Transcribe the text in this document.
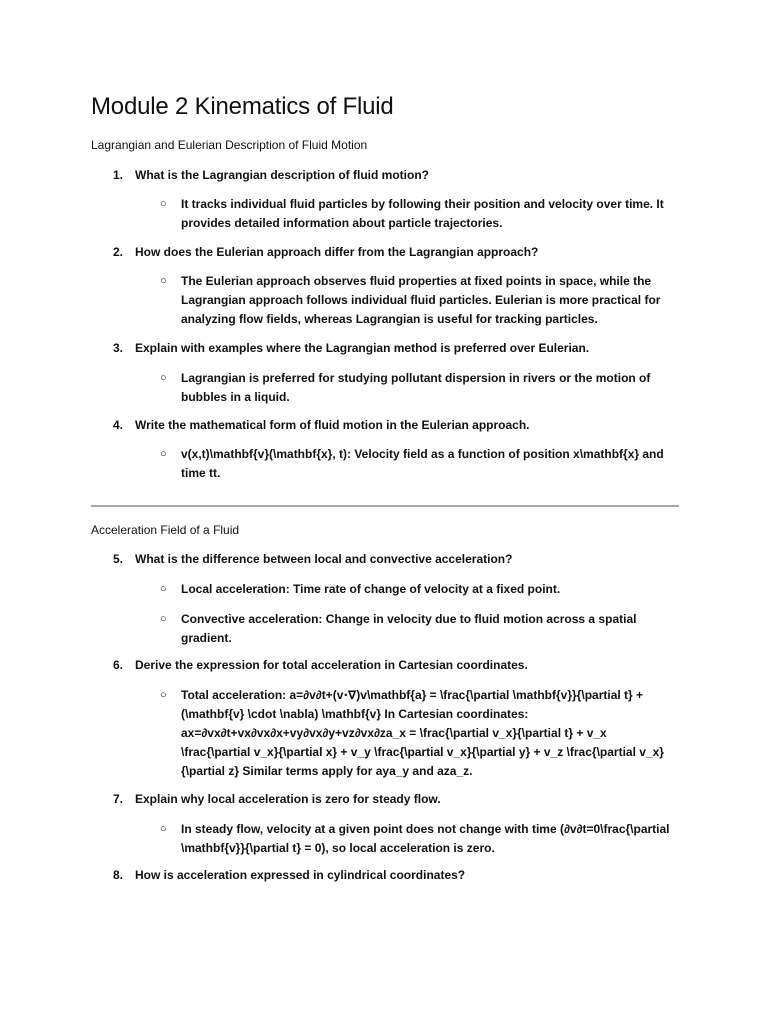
Module 2 Kinematics of Fluid

Lagrangian and Eulerian Description of Fluid Motion

1. What is the Lagrangian description of fluid motion?
○ It tracks individual fluid particles by following their position and velocity over time. It provides detailed information about particle trajectories.
2. How does the Eulerian approach differ from the Lagrangian approach?
○ The Eulerian approach observes fluid properties at fixed points in space, while the Lagrangian approach follows individual fluid particles. Eulerian is more practical for analyzing flow fields, whereas Lagrangian is useful for tracking particles.
3. Explain with examples where the Lagrangian method is preferred over Eulerian.
○ Lagrangian is preferred for studying pollutant dispersion in rivers or the motion of bubbles in a liquid.
4. Write the mathematical form of fluid motion in the Eulerian approach.
○ v(x,t)\mathbf{v}(\mathbf{x}, t): Velocity field as a function of position x\mathbf{x} and time tt.

Acceleration Field of a Fluid

5. What is the difference between local and convective acceleration?
○ Local acceleration: Time rate of change of velocity at a fixed point.
○ Convective acceleration: Change in velocity due to fluid motion across a spatial gradient.
6. Derive the expression for total acceleration in Cartesian coordinates.
○ Total acceleration: a=∂v∂t+(v⋅∇)v\mathbf{a} = \frac{\partial \mathbf{v}}{\partial t} + (\mathbf{v} \cdot \nabla) \mathbf{v} In Cartesian coordinates: ax=∂vx∂t+vx∂vx∂x+vy∂vx∂y+vz∂vx∂za_x = \frac{\partial v_x}{\partial t} + v_x \frac{\partial v_x}{\partial x} + v_y \frac{\partial v_x}{\partial y} + v_z \frac{\partial v_x}{\partial z} Similar terms apply for aya_y and aza_z.
7. Explain why local acceleration is zero for steady flow.
○ In steady flow, velocity at a given point does not change with time (∂v∂t=0\frac{\partial \mathbf{v}}{\partial t} = 0), so local acceleration is zero.
8. How is acceleration expressed in cylindrical coordinates?
